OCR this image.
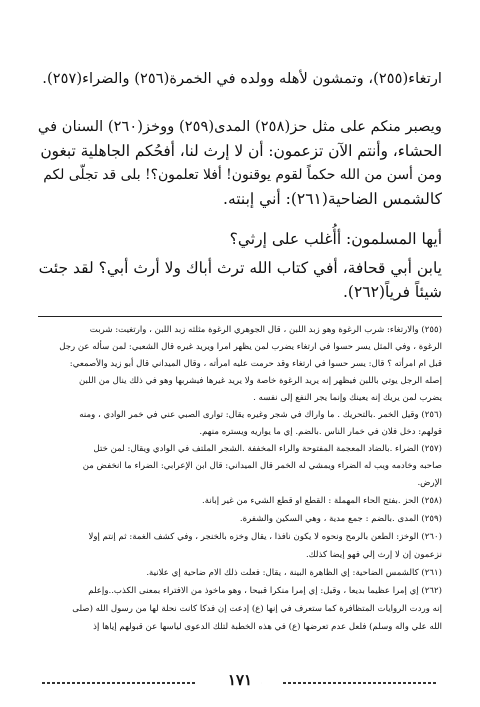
ارتغاء(٢٥٥)، وتمشون لأهله وولده في الخمرة(٢٥٦) والضراء(٢٥٧).
ويصبر منكم على مثل حز(٢٥٨) المدى(٢٥٩) ووخز(٢٦٠) السنان في
الحشاء، وأنتم الآن تزعمون: أن لا إرث لنا، أفحُكم الجاهلية تبغون
ومن أسن من الله حكماً لقوم يوقنون! أفلا تعلمون؟! بلى قد تجلّى لكم
كالشمس الضاحية(٢٦١): أني إبنته.
أيها المسلمون: أأُغلب على إرثي؟
يابن أبي قحافة، أفي كتاب الله ترث أباك ولا أرث أبي؟ لقد جئت
شيئاً فرياً(٢٦٢).
(٢٥٥) والارتغاء: شرب الرغوة وهو زبد اللبن ، قال الجوهري الرغوة مثلثه زبد اللبن ، وارتغيت: شربت
الرغوة ، وفي المثل يسر حسوا في ارتغاء يضرب لمن يظهر امرا ويريد غيره قال الشعبي: لمن سأله عن رجل
قبل ام امرأته ؟ قال: يسر حسوا في ارتغاء وقد حرمت عليه امرأته ، وقال الميداني قال أبو زيد والأصمعي:
إصله الرجل يوتي باللبن فيظهر إنه يريد الرغوة خاصة ولا يريد غيرها فيشربها وهو في ذلك ينال من اللبن
يضرب لمن يريك إنه يعينك وإنما يجر النفع إلى نفسه .
(٢٥٦) وقيل الخمر .بالتحريك . ما واراك في شجر وغيره يقال: توارى الصبي عني في خمر الوادي ، ومنه
قولهم: دخل فلان في خمار الناس .بالضم. إي ما يواريه ويستره منهم.
(٢٥٧) الضراء .بالضاد المعجمة المفتوحة والراء المخففة .الشجر الملتف في الوادي ويقال: لمن ختل
صاحبه وخادمه ويب له الضراء ويمشي له الخمر قال الميداني: قال ابن الإعرابي: الضراء ما انخفض من
الإرض.
(٢٥٨) الحز .بفتح الحاء المهملة : القطع او قطع الشيء من غير إبانة.
(٢٥٩) المدى .بالضم : جمع مدية ، وهي السكين والشفرة.
(٢٦٠) الوخز: الطعن بالرمح ونحوه لا يكون نافذا ، يقال وخزه بالخنجر ، وفي كشف الغمة: ثم إنتم إولا
نزعمون إن لا إرث إلي فهو إيضا كذلك.
(٢٦١) كالشمس الضاحية: إي الظاهرة البينة ، يقال: فعلت ذلك الام ضاحية إي علانية.
(٢٦٢) إي إمرا عظيما بديعا ، وقيل: إي إمرا منكرا قبيحا ، وهو ماخوذ من الافتراء بمعنى الكذب..وإعلم
إنه وردت الروايات المتظافرة كما ستعرف في إنها (ع) إدعت إن فدكا كانت نحلة لها من رسول الله (صلى
الله علي واله وسلم) فلعل عدم تعرضها (ع) في هذه الخطبة لتلك الدعوى لياسها عن قبولهم إياها إذ
١٧١
